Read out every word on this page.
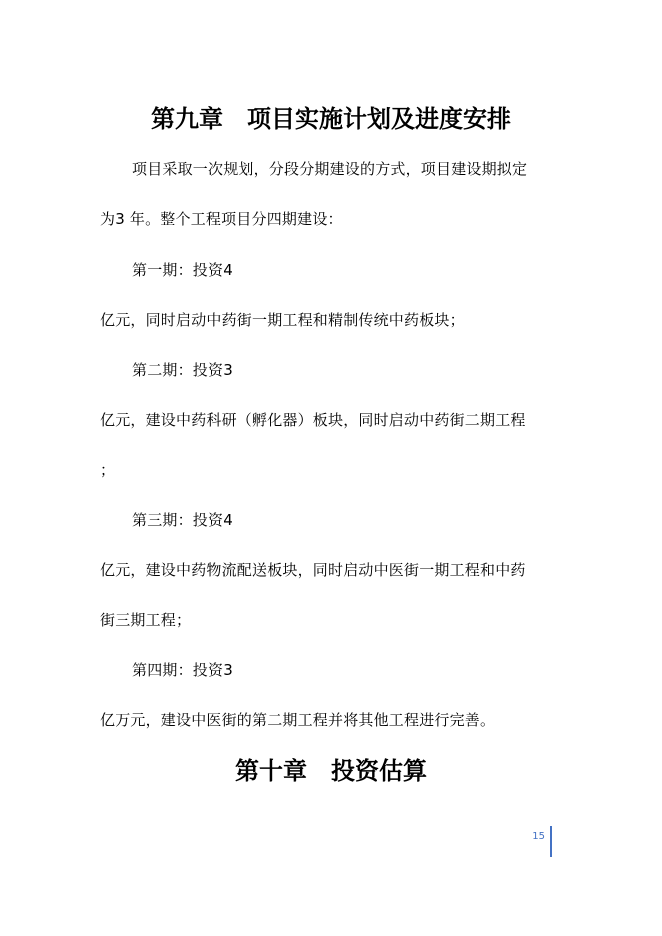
第九章　项目实施计划及进度安排
项目采取一次规划，分段分期建设的方式，项目建设期拟定
为3 年。整个工程项目分四期建设：
第一期：投资4
亿元，同时启动中药街一期工程和精制传统中药板块；
第二期：投资3
亿元，建设中药科研（孵化器）板块，同时启动中药街二期工程
；
第三期：投资4
亿元，建设中药物流配送板块，同时启动中医街一期工程和中药
街三期工程；
第四期：投资3
亿万元，建设中医街的第二期工程并将其他工程进行完善。
第十章　投资估算
15
